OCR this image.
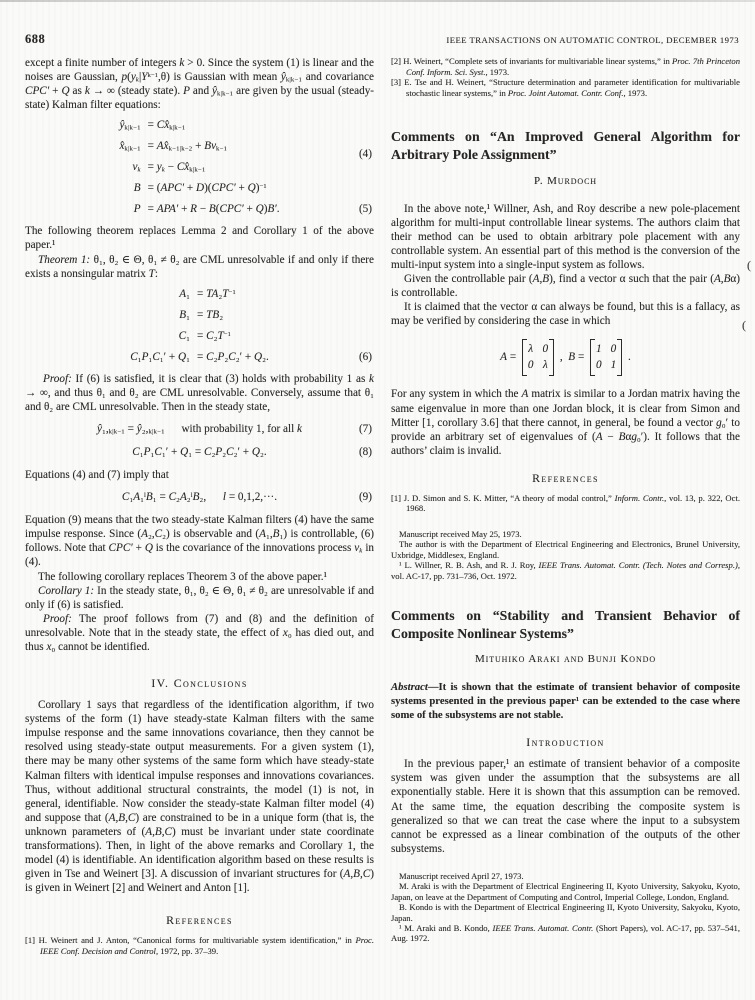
688	IEEE TRANSACTIONS ON AUTOMATIC CONTROL, DECEMBER 1973

except a finite number of integers k > 0. Since the system (1) is linear and the noises are Gaussian, $p(y_k|Y^{k-1},\theta)$ is Gaussian with mean $ŷ_{k|k-1}$ and covariance CPC′ + Q as k → ∞ (steady state). P and $ŷ_{k|k-1}$ are given by the usual (steady-state) Kalman filter equations:

$ŷ_{k|k-1}$ = $Cx̂_{k|k-1}$
$x̂_{k|k-1}$ = $Ax̂_{k-1|k-2} + B\nu_{k-1}$
$\nu_k = y_k$ − $Cx̂_{k|k-1}$
$B = (APC' + D)(CPC' + Q)^{-1}$
P = APA′ + R − B(CPC′ + Q)B′.
(4)
(5)

The following theorem replaces Lemma 2 and Corollary 1 of the above paper.¹

Theorem 1: θ₁, θ₂ ∈ Θ, θ₁ ≠ θ₂ are CML unresolvable if and only if there exists a nonsingular matrix T:

$A_1 = TA_2T^{-1}$
B₁ = TB₂
$C_1 = C_2T^{-1}$
C₁P₁C₁′ + Q₁ = C₂P₂C₂′ + Q₂.	(6)

Proof: If (6) is satisfied, it is clear that (3) holds with probability 1 as k → ∞, and thus θ₁ and θ₂ are CML unresolvable. Conversely, assume that θ₁ and θ₂ are CML unresolvable. Then in the steady state,

$ŷ_1,_{k|k-1}$ = $ŷ_2,_{k|k-1}$  with probability 1, for all k	(7)
C₁P₁C₁′ + Q₁ = C₂P₂C₂′ + Q₂.	(8)

Equations (4) and (7) imply that

C₁A₁$^l$B₁ = C₂A₂$^l$B₂,  l = 0,1,2,···.	(9)

Equation (9) means that the two steady-state Kalman filters (4) have the same impulse response. Since (A₂,C₂) is observable and (A₁,B₁) is controllable, (6) follows. Note that CPC′ + Q is the covariance of the innovations process $\nu_k$ in (4).

The following corollary replaces Theorem 3 of the above paper.¹

Corollary 1: In the steady state, θ₁, θ₂ ∈ Θ, θ₁ ≠ θ₂ are unresolvable if and only if (6) is satisfied.

Proof: The proof follows from (7) and (8) and the definition of unresolvable. Note that in the steady state, the effect of x₀ has died out, and thus x₀ cannot be identified.

IV. Conclusions

Corollary 1 says that regardless of the identification algorithm, if two systems of the form (1) have steady-state Kalman filters with the same impulse response and the same innovations covariance, then they cannot be resolved using steady-state output measurements. For a given system (1), there may be many other systems of the same form which have steady-state Kalman filters with identical impulse responses and innovations covariances. Thus, without additional structural constraints, the model (1) is not, in general, identifiable. Now consider the steady-state Kalman filter model (4) and suppose that (A,B,C) are constrained to be in a unique form (that is, the unknown parameters of (A,B,C) must be invariant under state coordinate transformations). Then, in light of the above remarks and Corollary 1, the model (4) is identifiable. An identification algorithm based on these results is given in Tse and Weinert [3]. A discussion of invariant structures for (A,B,C) is given in Weinert [2] and Weinert and Anton [1].

References

[1] H. Weinert and J. Anton, “Canonical forms for multivariable system identification,” in Proc. IEEE Conf. Decision and Control, 1972, pp. 37–39.

[2] H. Weinert, “Complete sets of invariants for multivariable linear systems,” in Proc. 7th Princeton Conf. Inform. Sci. Syst., 1973.

[3] E. Tse and H. Weinert, “Structure determination and parameter identification for multivariable stochastic linear systems,” in Proc. Joint Automat. Contr. Conf., 1973.

Comments on “An Improved General Algorithm for Arbitrary Pole Assignment”
P. Murdoch

In the above note,¹ Willner, Ash, and Roy describe a new pole-placement algorithm for multi-input controllable linear systems. The authors claim that their method can be used to obtain arbitrary pole placement with any controllable system. An essential part of this method is the conversion of the multi-input system into a single-input system as follows.

Given the controllable pair (A,B), find a vector α such that the pair (A,Bα) is controllable.

It is claimed that the vector α can always be found, but this is a fallacy, as may be verified by considering the case in which

A =
λ 0
0 λ
, B =
1 0
0 1
.

For any system in which the A matrix is similar to a Jordan matrix having the same eigenvalue in more than one Jordan block, it is clear from Simon and Mitter [1, corollary 3.6] that there cannot, in general, be found a vector g₀′ to provide an arbitrary set of eigenvalues of (A − Bαg₀′). It follows that the authors’ claim is invalid.

References

[1] J. D. Simon and S. K. Mitter, “A theory of modal control,” Inform. Contr., vol. 13, p. 322, Oct. 1968.

Manuscript received May 25, 1973.

The author is with the Department of Electrical Engineering and Electronics, Brunel University, Uxbridge, Middlesex, England.

¹ L. Willner, R. B. Ash, and R. J. Roy, IEEE Trans. Automat. Contr. (Tech. Notes and Corresp.), vol. AC-17, pp. 731–736, Oct. 1972.

Comments on “Stability and Transient Behavior of Composite Nonlinear Systems”
Mituhiko Araki and Bunji Kondo

Abstract—It is shown that the estimate of transient behavior of composite systems presented in the previous paper¹ can be extended to the case where some of the subsystems are not stable.

Introduction

In the previous paper,¹ an estimate of transient behavior of a composite system was given under the assumption that the subsystems are all exponentially stable. Here it is shown that this assumption can be removed. At the same time, the equation describing the composite system is generalized so that we can treat the case where the input to a subsystem cannot be expressed as a linear combination of the outputs of the other subsystems.

Manuscript received April 27, 1973.

M. Araki is with the Department of Electrical Engineering II, Kyoto University, Sakyoku, Kyoto, Japan, on leave at the Department of Computing and Control, Imperial College, London, England.

B. Kondo is with the Department of Electrical Engineering II, Kyoto University, Sakyoku, Kyoto, Japan.

¹ M. Araki and B. Kondo, IEEE Trans. Automat. Contr. (Short Papers), vol. AC-17, pp. 537–541, Aug. 1972.

(
(
